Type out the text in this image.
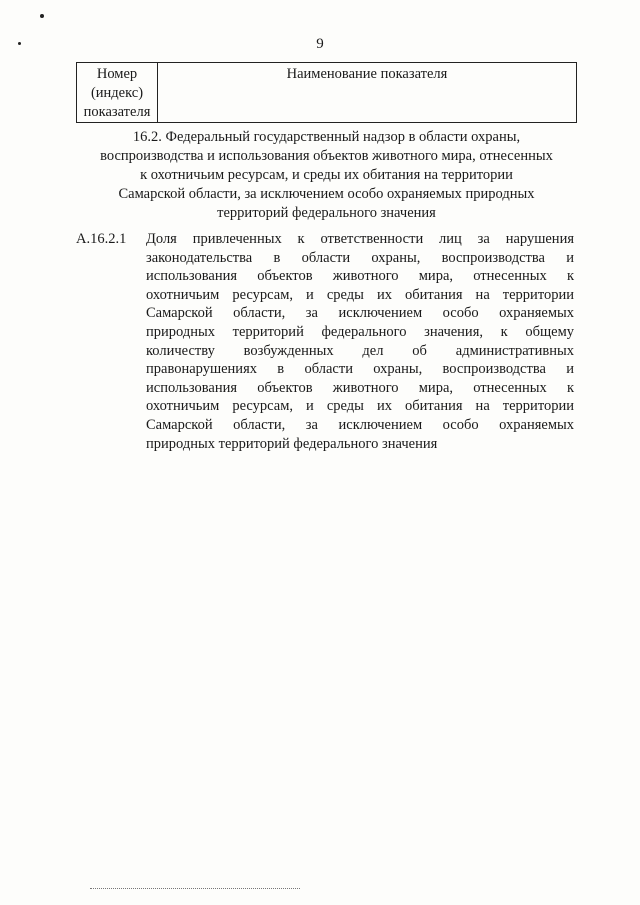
9
Номер
(индекс)
показателя
	Наименование показателя
16.2. Федеральный государственный надзор в области охраны,
воспроизводства и использования объектов животного мира, отнесенных
к охотничьим ресурсам, и среды их обитания на территории
Самарской области, за исключением особо охраняемых природных
территорий федерального значения
А.16.2.1 Доля привлеченных к ответственности лиц за нарушения
законодательства в области охраны, воспроизводства и
использования объектов животного мира, отнесенных к
охотничьим ресурсам, и среды их обитания на территории
Самарской области, за исключением особо охраняемых
природных территорий федерального значения, к общему
количеству возбужденных дел об административных
правонарушениях в области охраны, воспроизводства и
использования объектов животного мира, отнесенных к
охотничьим ресурсам, и среды их обитания на территории
Самарской области, за исключением особо охраняемых
природных территорий федерального значения
